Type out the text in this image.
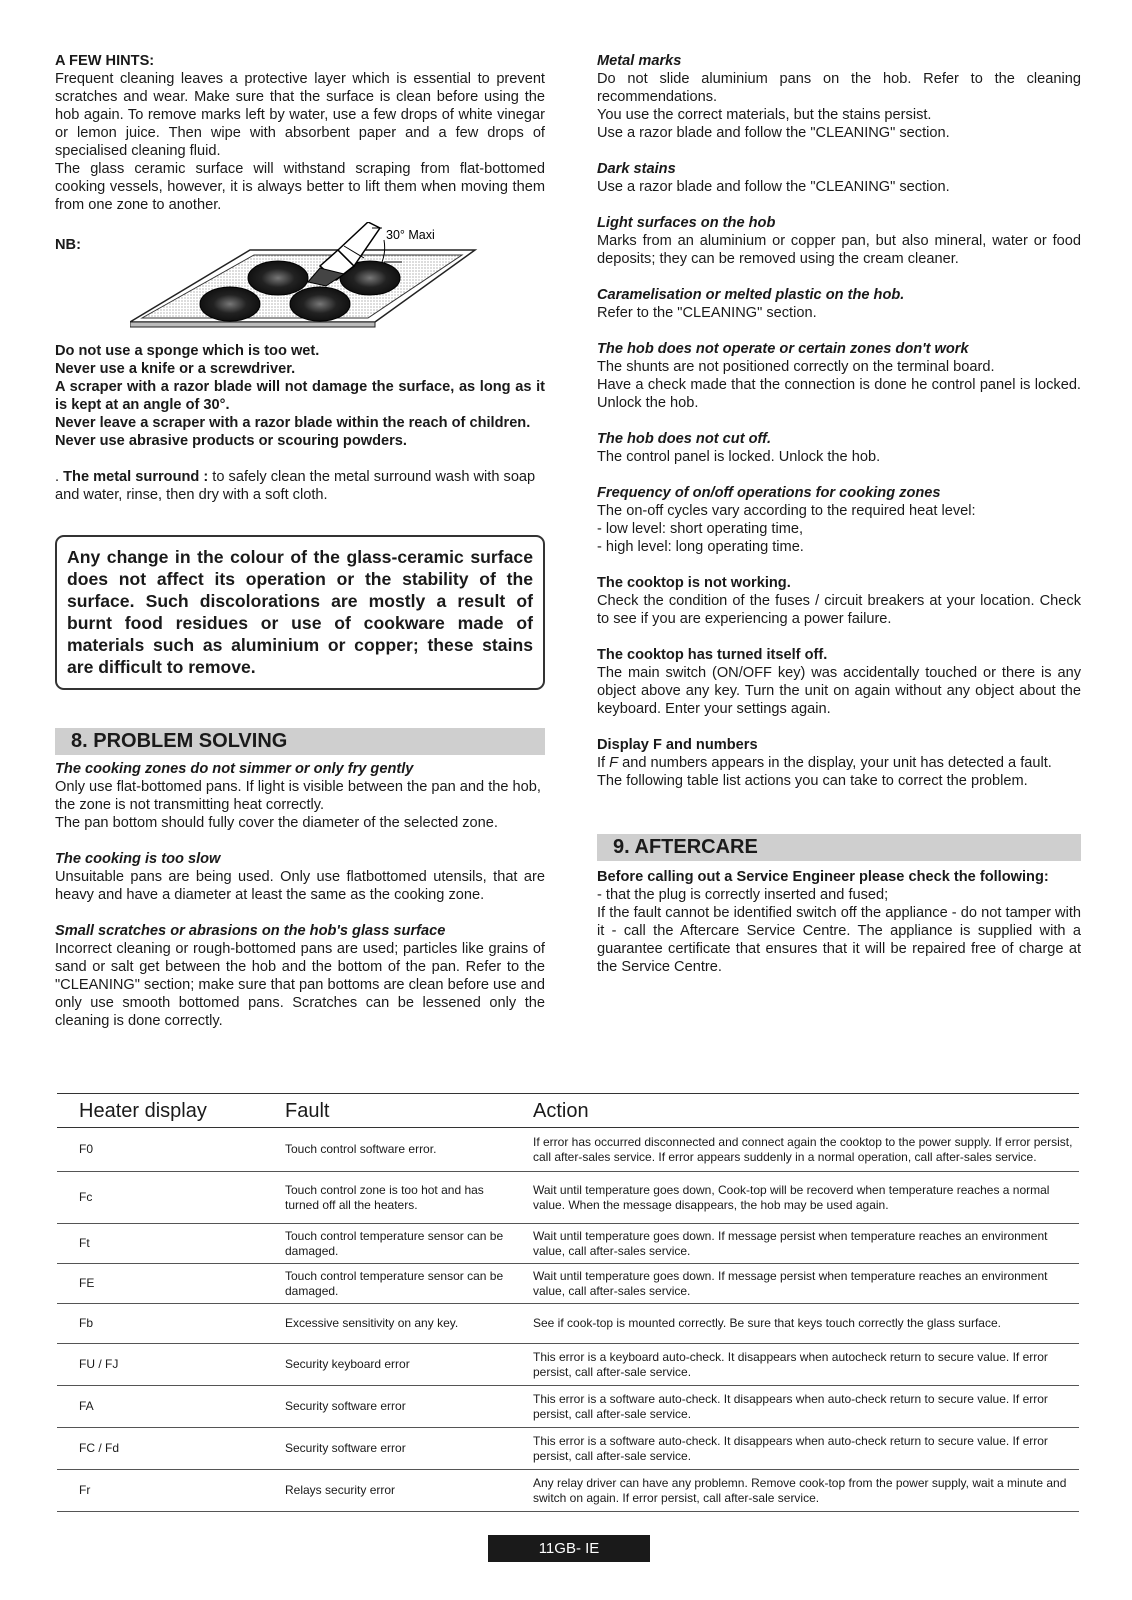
A FEW HINTS:

Frequent cleaning leaves a protective layer which is essential to prevent scratches and wear. Make sure that the surface is clean before using the hob again. To remove marks left by water, use a few drops of white vinegar or lemon juice. Then wipe with absorbent paper and a few drops of specialised cleaning fluid.

The glass ceramic surface will withstand scraping from flat-bottomed cooking vessels, however, it is always better to lift them when moving them from one zone to another.

NB:
30° Maxi

Do not use a sponge which is too wet.

Never use a knife or a screwdriver.

A scraper with a razor blade will not damage the surface, as long as it is kept at an angle of 30°.

Never leave a scraper with a razor blade within the reach of children.

Never use abrasive products or scouring powders.

. The metal surround : to safely clean the metal surround wash with soap and water, rinse, then dry with a soft cloth.

Any change in the colour of the glass-ceramic surface does not affect its operation or the stability of the surface. Such discolorations are mostly a result of burnt food residues or use of cookware made of materials such as aluminium or copper; these stains are difficult to remove.
8. PROBLEM SOLVING

The cooking zones do not simmer or only fry gently

Only use flat-bottomed pans. If light is visible between the pan and the hob, the zone is not transmitting heat correctly.

The pan bottom should fully cover the diameter of the selected zone.

The cooking is too slow

Unsuitable pans are being used. Only use flatbottomed utensils, that are heavy and have a diameter at least the same as the cooking zone.

Small scratches or abrasions on the hob's glass surface

Incorrect cleaning or rough-bottomed pans are used; particles like grains of sand or salt get between the hob and the bottom of the pan. Refer to the "CLEANING" section; make sure that pan bottoms are clean before use and only use smooth bottomed pans. Scratches can be lessened only the cleaning is done correctly.

Metal marks

Do not slide aluminium pans on the hob. Refer to the cleaning recommendations.

You use the correct materials, but the stains persist.

Use a razor blade and follow the "CLEANING" section.

Dark stains

Use a razor blade and follow the "CLEANING" section.

Light surfaces on the hob

Marks from an aluminium or copper pan, but also mineral, water or food deposits; they can be removed using the cream cleaner.

Caramelisation or melted plastic on the hob.

Refer to the "CLEANING" section.

The hob does not operate or certain zones don't work

The shunts are not positioned correctly on the terminal board.

Have a check made that the connection is done he control panel is locked. Unlock the hob.

The hob does not cut off.

The control panel is locked. Unlock the hob.

Frequency of on/off operations for cooking zones

The on-off cycles vary according to the required heat level:

- low level: short operating time,

- high level: long operating time.

The cooktop is not working.

Check the condition of the fuses / circuit breakers at your location. Check to see if you are experiencing a power failure.

The cooktop has turned itself off.

The main switch (ON/OFF key) was accidentally touched or there is any object above any key. Turn the unit on again without any object about the keyboard. Enter your settings again.

Display F and numbers

If F and numbers appears in the display, your unit has detected a fault.

The following table list actions you can take to correct the problem.

9. AFTERCARE

Before calling out a Service Engineer please check the following:

- that the plug is correctly inserted and fused;

If the fault cannot be identified switch off the appliance - do not tamper with it - call the Aftercare Service Centre. The appliance is supplied with a guarantee certificate that ensures that it will be repaired free of charge at the Service Centre.

Heater display	Fault	Action
F0	Touch control software error.	If error has occurred disconnected and connect again the cooktop to the power supply. If error persist, call after-sales service. If error appears suddenly in a normal operation, call after-sales service.
Fc	Touch control zone is too hot and has turned off all the heaters.	Wait until temperature goes down, Cook-top will be recoverd when temperature reaches a normal value. When the message disappears, the hob may be used again.
Ft	Touch control temperature sensor can be damaged.	Wait until temperature goes down. If message persist when temperature reaches an environment value, call after-sales service.
FE	Touch control temperature sensor can be damaged.	Wait until temperature goes down. If message persist when temperature reaches an environment value, call after-sales service.
Fb	Excessive sensitivity on any key.	See if cook-top is mounted correctly. Be sure that keys touch correctly the glass surface.
FU / FJ	Security keyboard error	This error is a keyboard auto-check. It disappears when autocheck return to secure value. If error persist, call after-sale service.
FA	Security software error	This error is a software auto-check. It disappears when auto-check return to secure value. If error persist, call after-sale service.
FC / Fd	Security software error	This error is a software auto-check. It disappears when auto-check return to secure value. If error persist, call after-sale service.
Fr	Relays security error	Any relay driver can have any problemn. Remove cook-top from the power supply, wait a minute and switch on again. If error persist, call after-sale service.
11GB- IE
